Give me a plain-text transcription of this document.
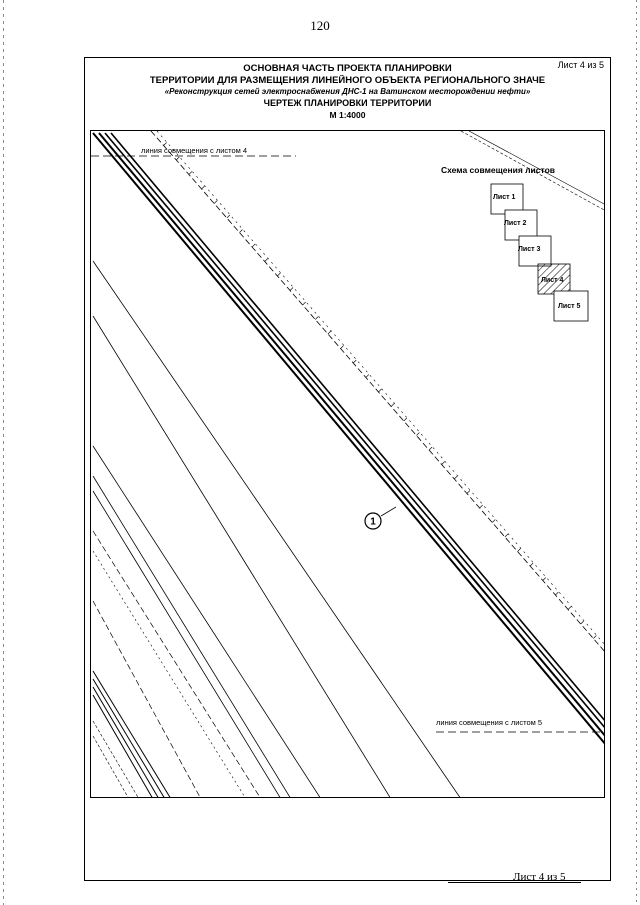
120
ОСНОВНАЯ ЧАСТЬ ПРОЕКТА ПЛАНИРОВКИ
ТЕРРИТОРИИ ДЛЯ РАЗМЕЩЕНИЯ ЛИНЕЙНОГО ОБЪЕКТА РЕГИОНАЛЬНОГО ЗНАЧЕ
«Реконструкция сетей электроснабжения ДНС-1 на Ватинском месторождении нефти»
ЧЕРТЕЖ ПЛАНИРОВКИ ТЕРРИТОРИИ
М 1:4000
Лист 4 из 5
линия совмещения с листом 4
линия совмещения с листом 5
1
Схема совмещения листов
Лист 1
Лист 2
Лист 3
Лист 4
Лист 5
Лист 4 из 5
